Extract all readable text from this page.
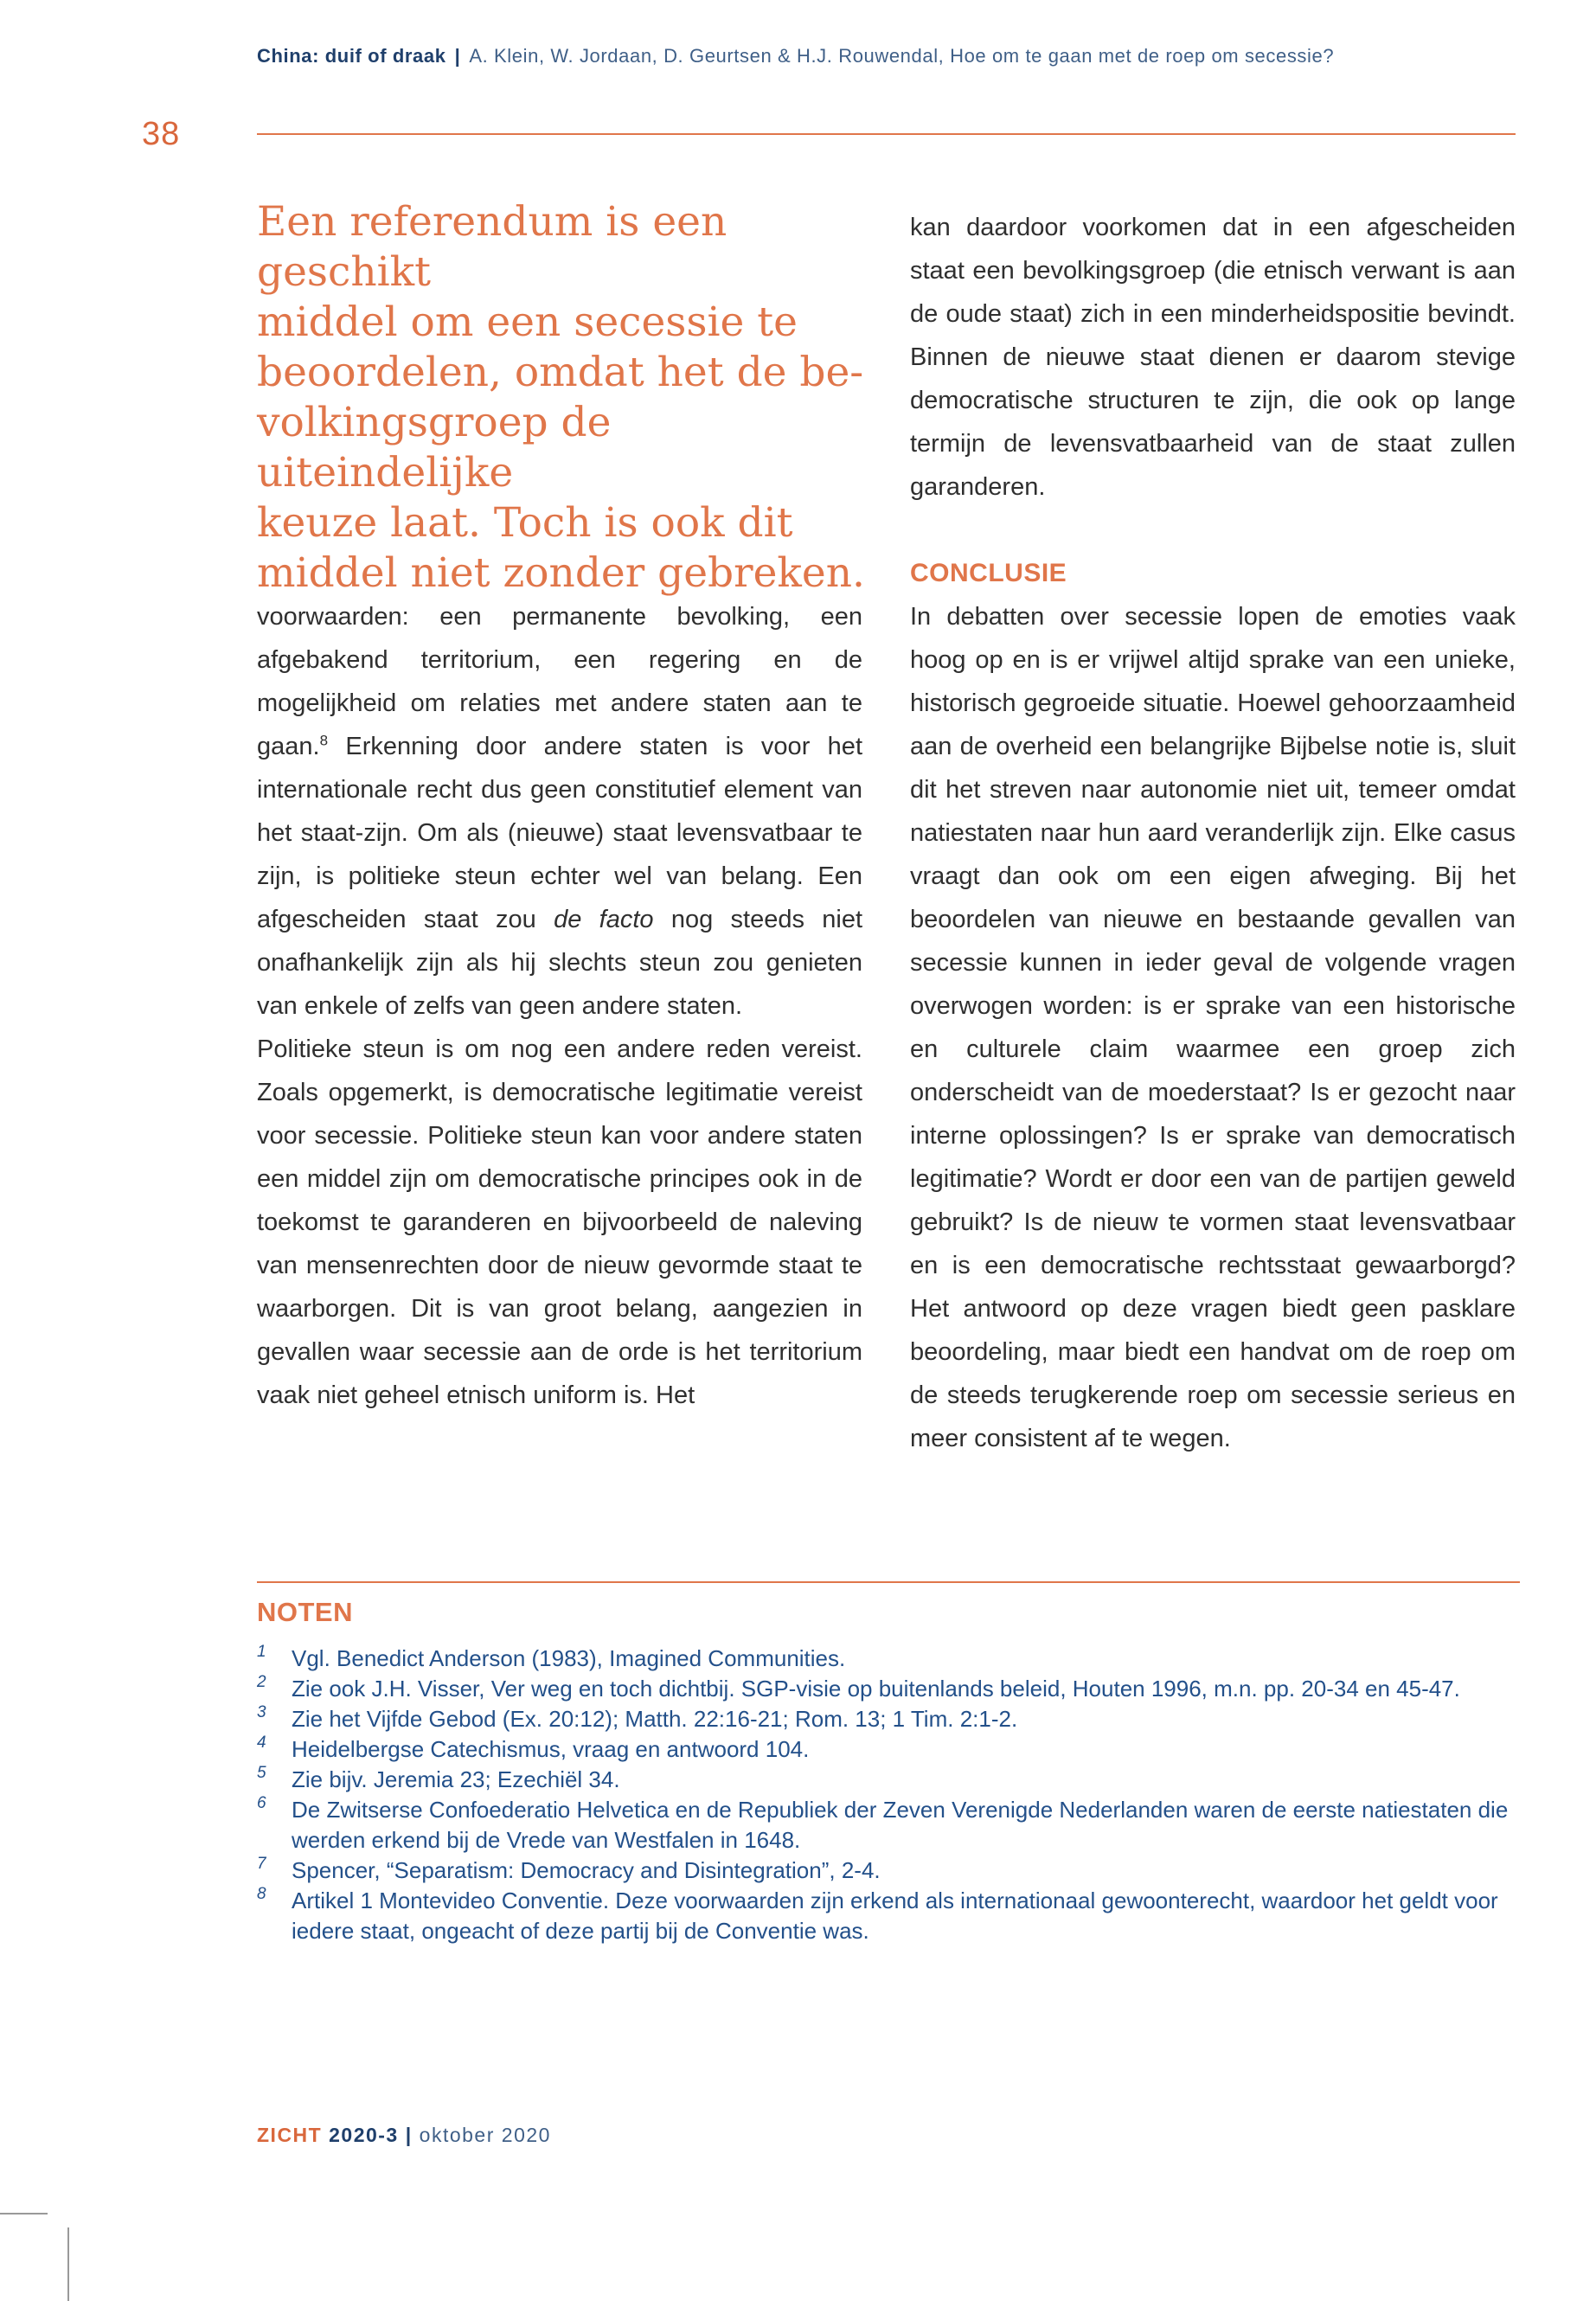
China: duif of draak | A. Klein, W. Jordaan, D. Geurtsen & H.J. Rouwendal, Hoe om te gaan met de roep om secessie?
38
Een referendum is een geschikt
middel om een secessie te
beoordelen, omdat het de be-
volkingsgroep de uiteindelijke
keuze laat. Toch is ook dit
middel niet zonder gebreken.

kan daardoor voorkomen dat in een afgescheiden staat een bevolkingsgroep (die etnisch verwant is aan de oude staat) zich in een minderheidspositie bevindt. Binnen de nieuwe staat dienen er daarom stevige democratische structuren te zijn, die ook op lange termijn de levensvatbaarheid van de staat zullen garanderen.

voorwaarden: een permanente bevolking, een afgebakend territorium, een regering en de mogelijkheid om relaties met andere staten aan te gaan.$^8$ Erkenning door andere staten is voor het internationale recht dus geen constitutief element van het staat-zijn. Om als (nieuwe) staat levensvatbaar te zijn, is politieke steun echter wel van belang. Een afgescheiden staat zou de facto nog steeds niet onafhankelijk zijn als hij slechts steun zou genieten van enkele of zelfs van geen andere staten.

Politieke steun is om nog een andere reden vereist. Zoals opgemerkt, is democratische legitimatie vereist voor secessie. Politieke steun kan voor andere staten een middel zijn om democratische principes ook in de toekomst te garanderen en bijvoorbeeld de naleving van mensenrechten door de nieuw gevormde staat te waarborgen. Dit is van groot belang, aangezien in gevallen waar secessie aan de orde is het territorium vaak niet geheel etnisch uniform is. Het

CONCLUSIE

In debatten over secessie lopen de emoties vaak hoog op en is er vrijwel altijd sprake van een unieke, historisch gegroeide situatie. Hoewel gehoorzaamheid aan de overheid een belangrijke Bijbelse notie is, sluit dit het streven naar autonomie niet uit, temeer omdat natiestaten naar hun aard veranderlijk zijn. Elke casus vraagt dan ook om een eigen afweging. Bij het beoordelen van nieuwe en bestaande gevallen van secessie kunnen in ieder geval de volgende vragen overwogen worden: is er sprake van een historische en culturele claim waarmee een groep zich onderscheidt van de moederstaat? Is er gezocht naar interne oplossingen? Is er sprake van democratisch legitimatie? Wordt er door een van de partijen geweld gebruikt? Is de nieuw te vormen staat levensvatbaar en is een democratische rechtsstaat gewaarborgd? Het antwoord op deze vragen biedt geen pasklare beoordeling, maar biedt een handvat om de roep om de steeds terugkerende roep om secessie serieus en meer consistent af te wegen.

NOTEN
1 Vgl. Benedict Anderson (1983), Imagined Communities.
2 Zie ook J.H. Visser, Ver weg en toch dichtbij. SGP-visie op buitenlands beleid, Houten 1996, m.n. pp. 20-34 en 45-47.
3 Zie het Vijfde Gebod (Ex. 20:12); Matth. 22:16-21; Rom. 13; 1 Tim. 2:1-2.
4 Heidelbergse Catechismus, vraag en antwoord 104.
5 Zie bijv. Jeremia 23; Ezechiël 34.
6 De Zwitserse Confoederatio Helvetica en de Republiek der Zeven Verenigde Nederlanden waren de eerste natiestaten die werden erkend bij de Vrede van Westfalen in 1648.
7 Spencer, “Separatism: Democracy and Disintegration”, 2-4.
8 Artikel 1 Montevideo Conventie. Deze voorwaarden zijn erkend als internationaal gewoonterecht, waardoor het geldt voor iedere staat, ongeacht of deze partij bij de Conventie was.
ZICHT 2020-3 | oktober 2020
